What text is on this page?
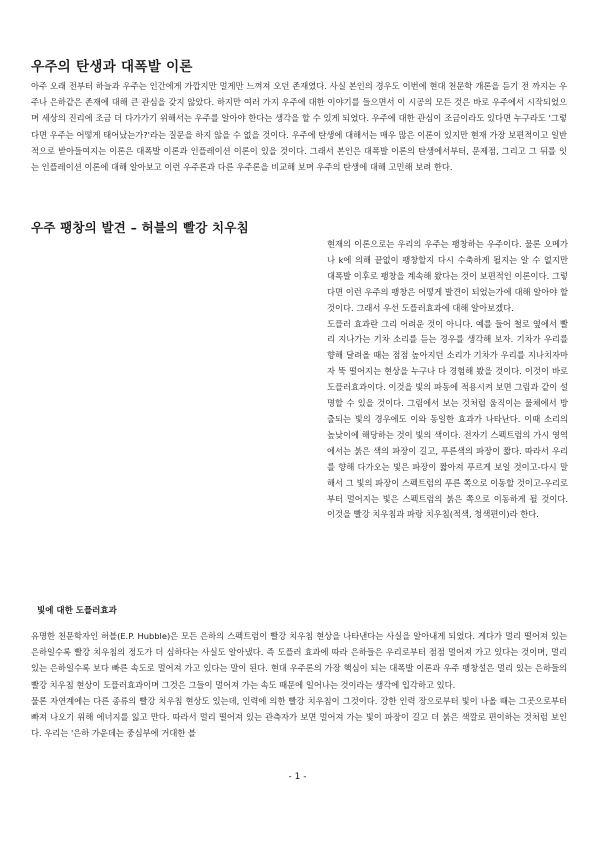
우주의 탄생과 대폭발 이론

아주 오래 전부터 하늘과 우주는 인간에게 가깝지만 멀게만 느껴져 오던 존재였다. 사실 본인의 경우도 이번에 현대 천문학 개론을 듣기 전 까지는 우주나 은하같은 존재에 대해 큰 관심을 갖지 않았다. 하지만 여러 가지 우주에 대한 이야기를 들으면서 이 시공의 모든 것은 바로 우주에서 시작되었으며 세상의 진리에 조금 더 다가가기 위해서는 우주를 알아야 한다는 생각을 할 수 있게 되었다. 우주에 대한 관심이 조금이라도 있다면 누구라도 '그렇다면 우주는 어떻게 태어났는가?'라는 질문을 하지 않을 수 없을 것이다. 우주에 탄생에 대해서는 매우 많은 이론이 있지만 현재 가장 보편적이고 일반적으로 받아들여지는 이론은 대폭발 이론과 인플레이션 이론이 있을 것이다. 그래서 본인은 대폭발 이론의 탄생에서부터, 문제점, 그리고 그 뒤를 잇는 인플레이션 이론에 대해 알아보고 이런 우주론과 다른 우주론을 비교해 보며 우주의 탄생에 대해 고민해 보려 한다.

우주 팽창의 발견 – 허블의 빨강 치우침
빛에 대한 도플러효과

현재의 이론으로는 우리의 우주는 팽창하는 우주이다. 물론 오메가나 k에 의해 끝없이 팽창할지 다시 수축하게 될지는 알 수 없지만 대폭발 이후로 팽창을 계속해 왔다는 것이 보편적인 이론이다. 그렇다면 이런 우주의 팽창은 어떻게 발견이 되었는가에 대해 알아야 할 것이다. 그래서 우선 도플러효과에 대해 알아보겠다.

도플러 효과란 그리 어려운 것이 아니다. 예를 들어 철로 옆에서 빨리 지나가는 기차 소리를 듣는 경우를 생각해 보자. 기차가 우리를 향해 달려올 때는 점점 높아지던 소리가 기차가 우리를 지나치자마자 뚝 떨어지는 현상을 누구나 다 경험해 봤을 것이다. 이것이 바로 도플러효과이다. 이것을 빛의 파동에 적용시켜 보면 그림과 같이 설명할 수 있을 것이다. 그림에서 보는 것처럼 움직이는 물체에서 방출되는 빛의 경우에도 이와 동일한 효과가 나타난다. 이때 소리의 높낮이에 해당하는 것이 빛의 색이다. 전자기 스펙트럼의 가시 영역에서는 붉은 색의 파장이 길고, 푸른색의 파장이 짧다. 따라서 우리를 향해 다가오는 빛은 파장이 짧아져 푸르게 보일 것이고-다시 말해서 그 빛의 파장이 스펙트럼의 푸른 쪽으로 이동할 것이고-우리로부터 멀어지는 빛은 스펙트럼의 붉은 쪽으로 이동하게 될 것이다. 이것을 빨강 치우침과 파랑 치우침(적색, 청색편이)라 한다.

유명한 천문학자인 허블(E.P. Hubble)은 모든 은하의 스펙트럼이 빨강 치우침 현상을 나타낸다는 사실을 알아내게 되었다. 게다가 멀리 떨어져 있는 은하일수록 빨강 치우침의 정도가 더 심하다는 사실도 알아냈다. 즉 도플러 효과에 따라 은하들은 우리로부터 점점 멀어져 가고 있다는 것이며, 멀리 있는 은하일수록 보다 빠른 속도로 멀어져 가고 있다는 말이 된다. 현대 우주론의 가장 핵심이 되는 대폭발 이론과 우주 팽창설은 멀리 있는 은하들의 빨강 치우침 현상이 도플러효과이며 그것은 그들이 멀어져 가는 속도 때문에 일어나는 것이라는 생각에 입각하고 있다.

물론 자연계에는 다른 종류의 빨강 치우침 현상도 있는데, 인력에 의한 빨강 치우침이 그것이다. 강한 인력 장으로부터 빛이 나올 때는 그곳으로부터 빠져 나오기 위해 에너지를 잃고 만다. 따라서 멀리 떨어져 있는 관측자가 보면 멀어져 가는 빛이 파장이 길고 더 붉은 색깔로 편이하는 것처럼 보인다. 우리는 '은하 가운데는 중심부에 거대한 블

- 1 -
